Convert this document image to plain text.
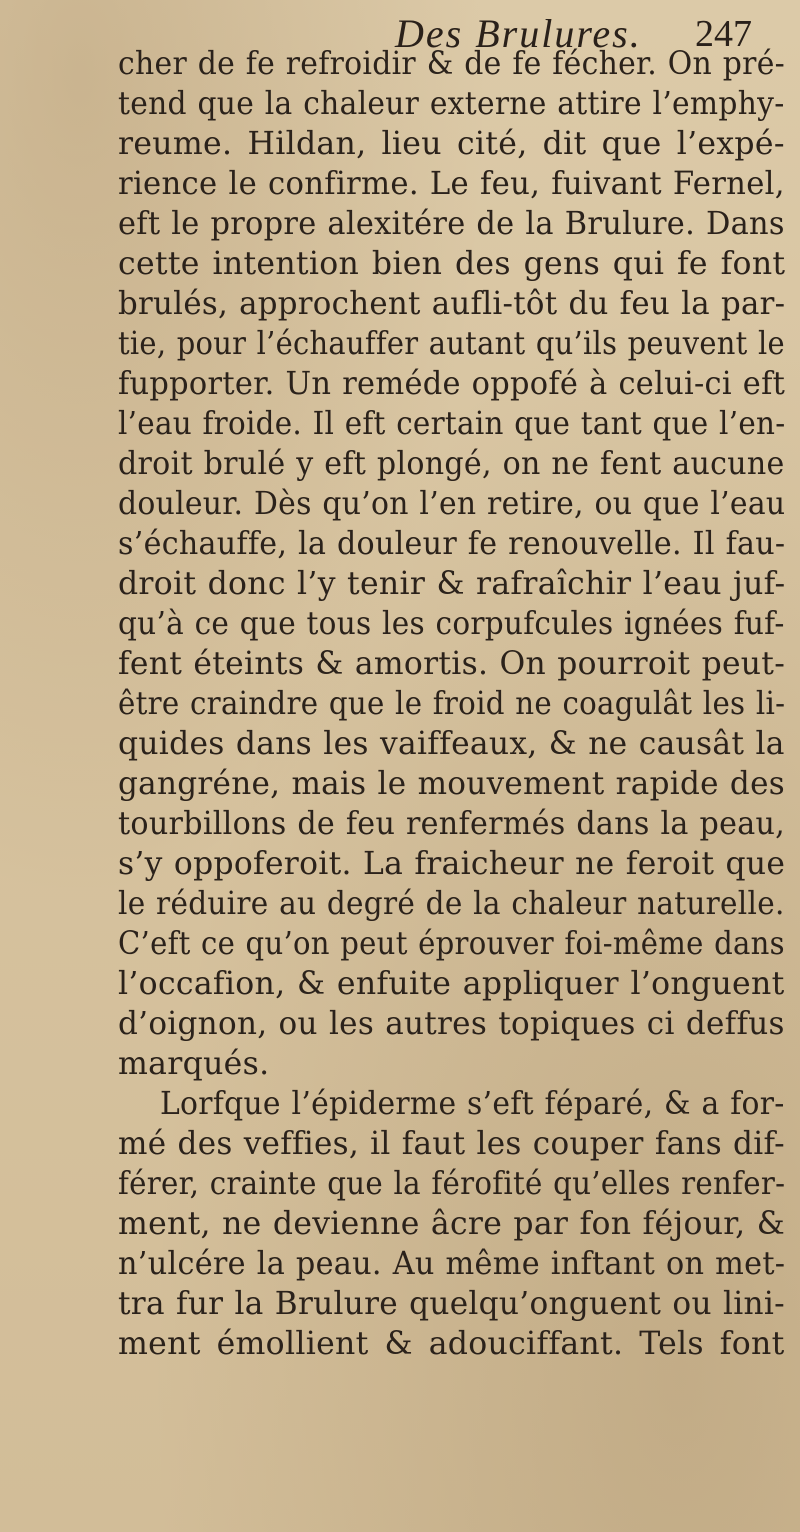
Des Brulures. 247
cher de fe refroidir & de fe fécher. On pré-
tend que la chaleur externe attire l’emphy-
reume. Hildan, lieu cité, dit que l’expé-
rience le confirme. Le feu, fuivant Fernel,
eft le propre alexitére de la Brulure. Dans
cette intention bien des gens qui fe font
brulés, approchent aufli-tôt du feu la par-
tie, pour l’échauffer autant qu’ils peuvent le
fupporter. Un reméde oppofé à celui-ci eft
l’eau froide. Il eft certain que tant que l’en-
droit brulé y eft plongé, on ne fent aucune
douleur. Dès qu’on l’en retire, ou que l’eau
s’échauffe, la douleur fe renouvelle. Il fau-
droit donc l’y tenir & rafraîchir l’eau juf-
qu’à ce que tous les corpufcules ignées fuf-
fent éteints & amortis. On pourroit peut-
être craindre que le froid ne coagulât les li-
quides dans les vaiffeaux, & ne causât la
gangréne, mais le mouvement rapide des
tourbillons de feu renfermés dans la peau,
s’y oppoferoit. La fraicheur ne feroit que
le réduire au degré de la chaleur naturelle.
C’eft ce qu’on peut éprouver foi-même dans
l’occafion, & enfuite appliquer l’onguent
d’oignon, ou les autres topiques ci deffus
marqués.
Lorfque l’épiderme s’eft féparé, & a for-
mé des veffies, il faut les couper fans dif-
férer, crainte que la férofité qu’elles renfer-
ment, ne devienne âcre par fon féjour, &
n’ulcére la peau. Au même inftant on met-
tra fur la Brulure quelqu’onguent ou lini-
ment émollient & adouciffant. Tels font
